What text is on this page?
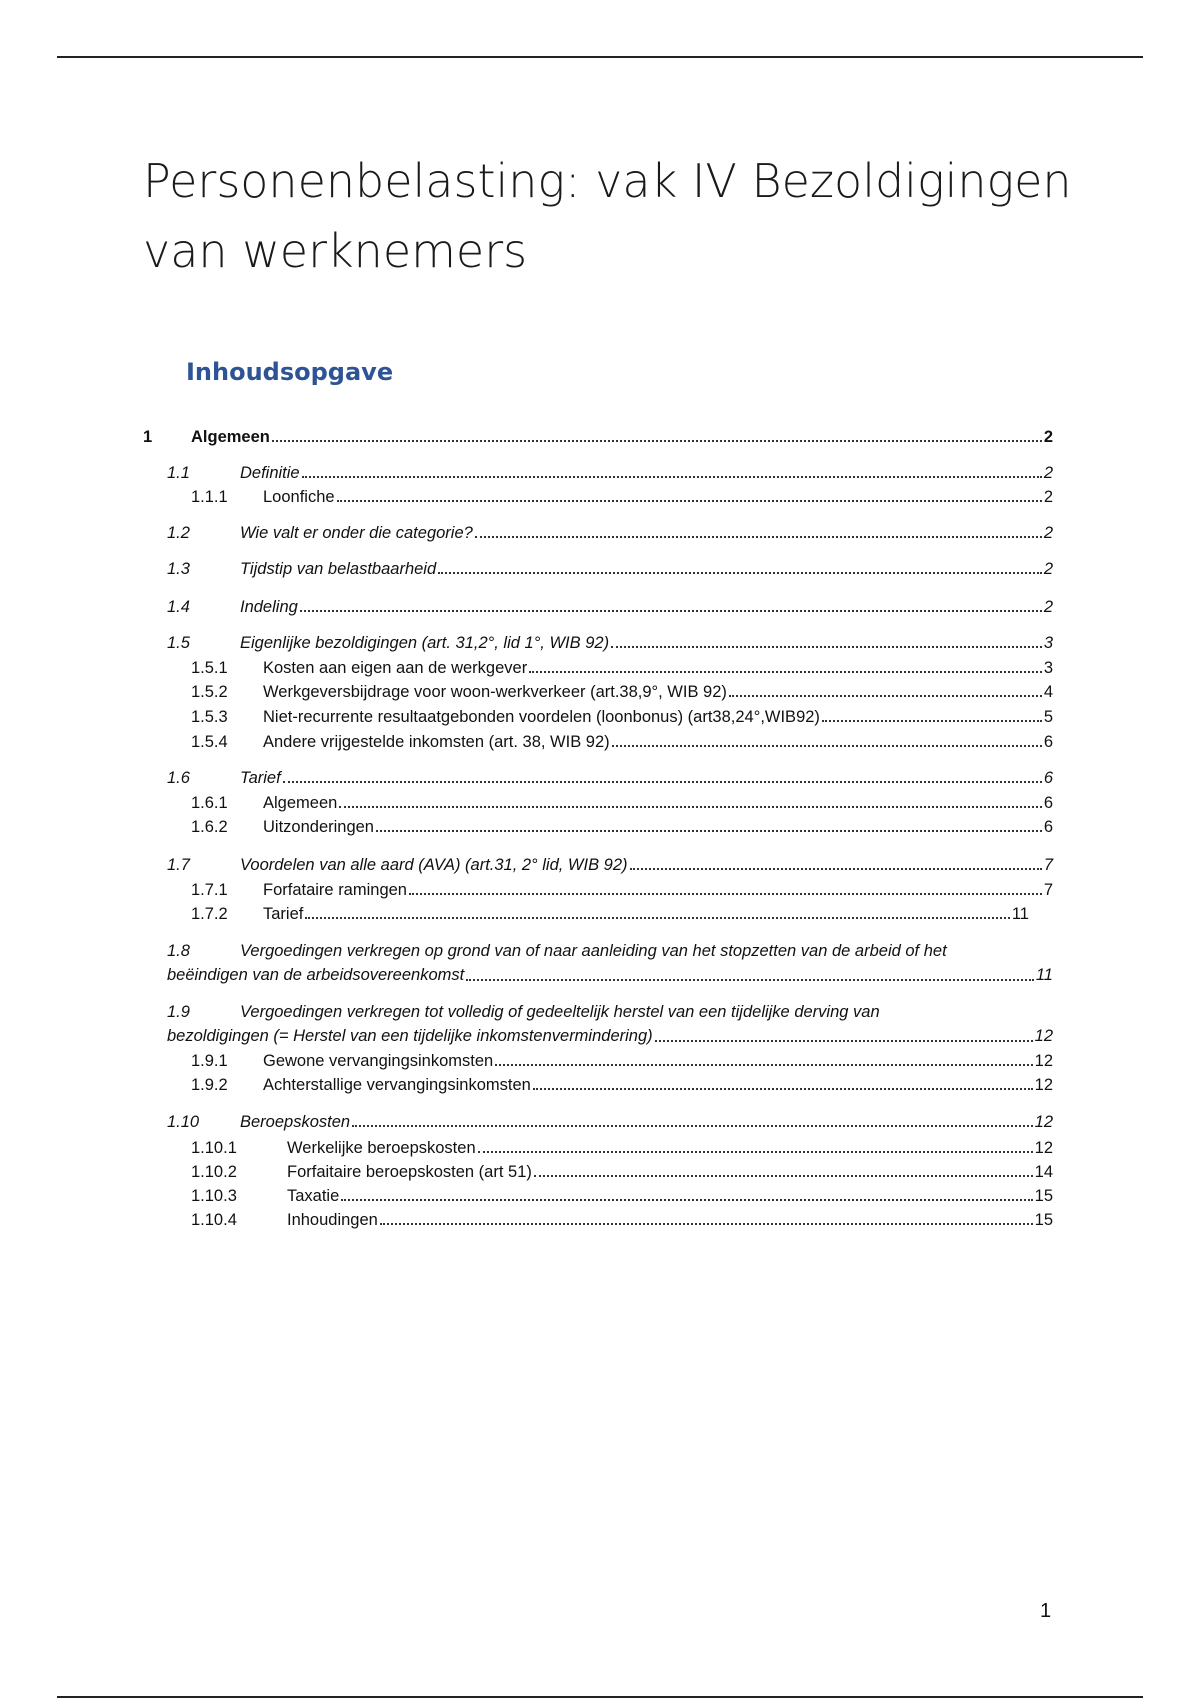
Personenbelasting: vak IV Bezoldigingen van werknemers
Inhoudsopgave
1	Algemeen	2
1.1	Definitie	2
1.1.1	Loonfiche	2
1.2	Wie valt er onder die categorie?	2
1.3	Tijdstip van belastbaarheid	2
1.4	Indeling	2
1.5	Eigenlijke bezoldigingen (art. 31,2°, lid 1°, WIB 92)	3
1.5.1	Kosten aan eigen aan de werkgever	3
1.5.2	Werkgeversbijdrage voor woon-werkverkeer (art.38,9°, WIB 92)	4
1.5.3	Niet-recurrente resultaatgebonden voordelen (loonbonus) (art38,24°,WIB92)	5
1.5.4	Andere vrijgestelde inkomsten (art. 38, WIB 92)	6
1.6	Tarief	6
1.6.1	Algemeen	6
1.6.2	Uitzonderingen	6
1.7	Voordelen van alle aard (AVA) (art.31, 2° lid, WIB 92)	7
1.7.1	Forfataire ramingen	7
1.7.2	Tarief	11
1.8	Vergoedingen verkregen op grond van of naar aanleiding van het stopzetten van de arbeid of het
beëindigen van de arbeidsovereenkomst	11
1.9	Vergoedingen verkregen tot volledig of gedeeltelijk herstel van een tijdelijke derving van
bezoldigingen (= Herstel van een tijdelijke inkomstenvermindering)	12
1.9.1	Gewone vervangingsinkomsten	12
1.9.2	Achterstallige vervangingsinkomsten	12
1.10	Beroepskosten	12
1.10.1	Werkelijke beroepskosten	12
1.10.2	Forfaitaire beroepskosten (art 51)	14
1.10.3	Taxatie	15
1.10.4	Inhoudingen	15
1
